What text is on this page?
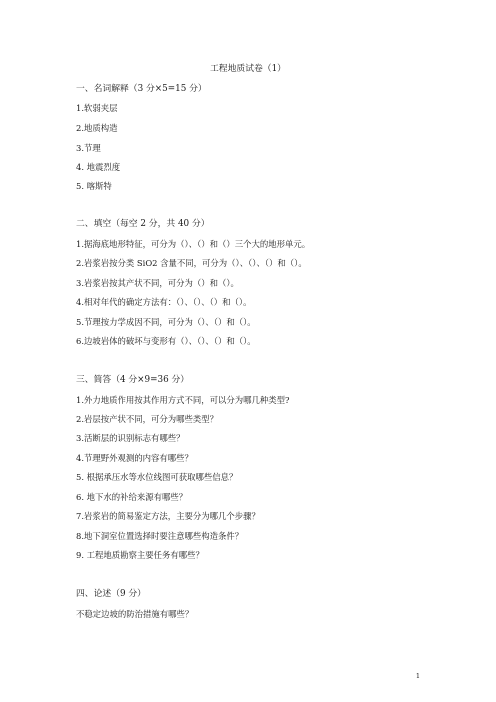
工程地质试卷（1）
一、名词解释（3 分×5=15 分）
1.软弱夹层
2.地质构造
3.节理
4. 地震烈度
5. 喀斯特
二、填空（每空 2 分，共 40 分）
1.据海底地形特征，可分为（）、（）和（）三个大的地形单元。
2.岩浆岩按分类 SiO2 含量不同，可分为（）、（）、（）和（）。
3.岩浆岩按其产状不同，可分为（）和（）。
4.相对年代的确定方法有：（）、（）、（）和（）。
5.节理按力学成因不同，可分为（）、（）和（）。
6.边坡岩体的破坏与变形有（）、（）、（）和（）。
三、简答（4 分×9=36 分）
1.外力地质作用按其作用方式不同，可以分为哪几种类型?
2.岩层按产状不同，可分为哪些类型？
3.活断层的识别标志有哪些？
4.节理野外观测的内容有哪些？
5. 根据承压水等水位线图可获取哪些信息？
6. 地下水的补给来源有哪些？
7.岩浆岩的简易鉴定方法，主要分为哪几个步骤？
8.地下洞室位置选择时要注意哪些构造条件？
9. 工程地质勘察主要任务有哪些？
四、论述（9 分）
不稳定边坡的防治措施有哪些？
1
